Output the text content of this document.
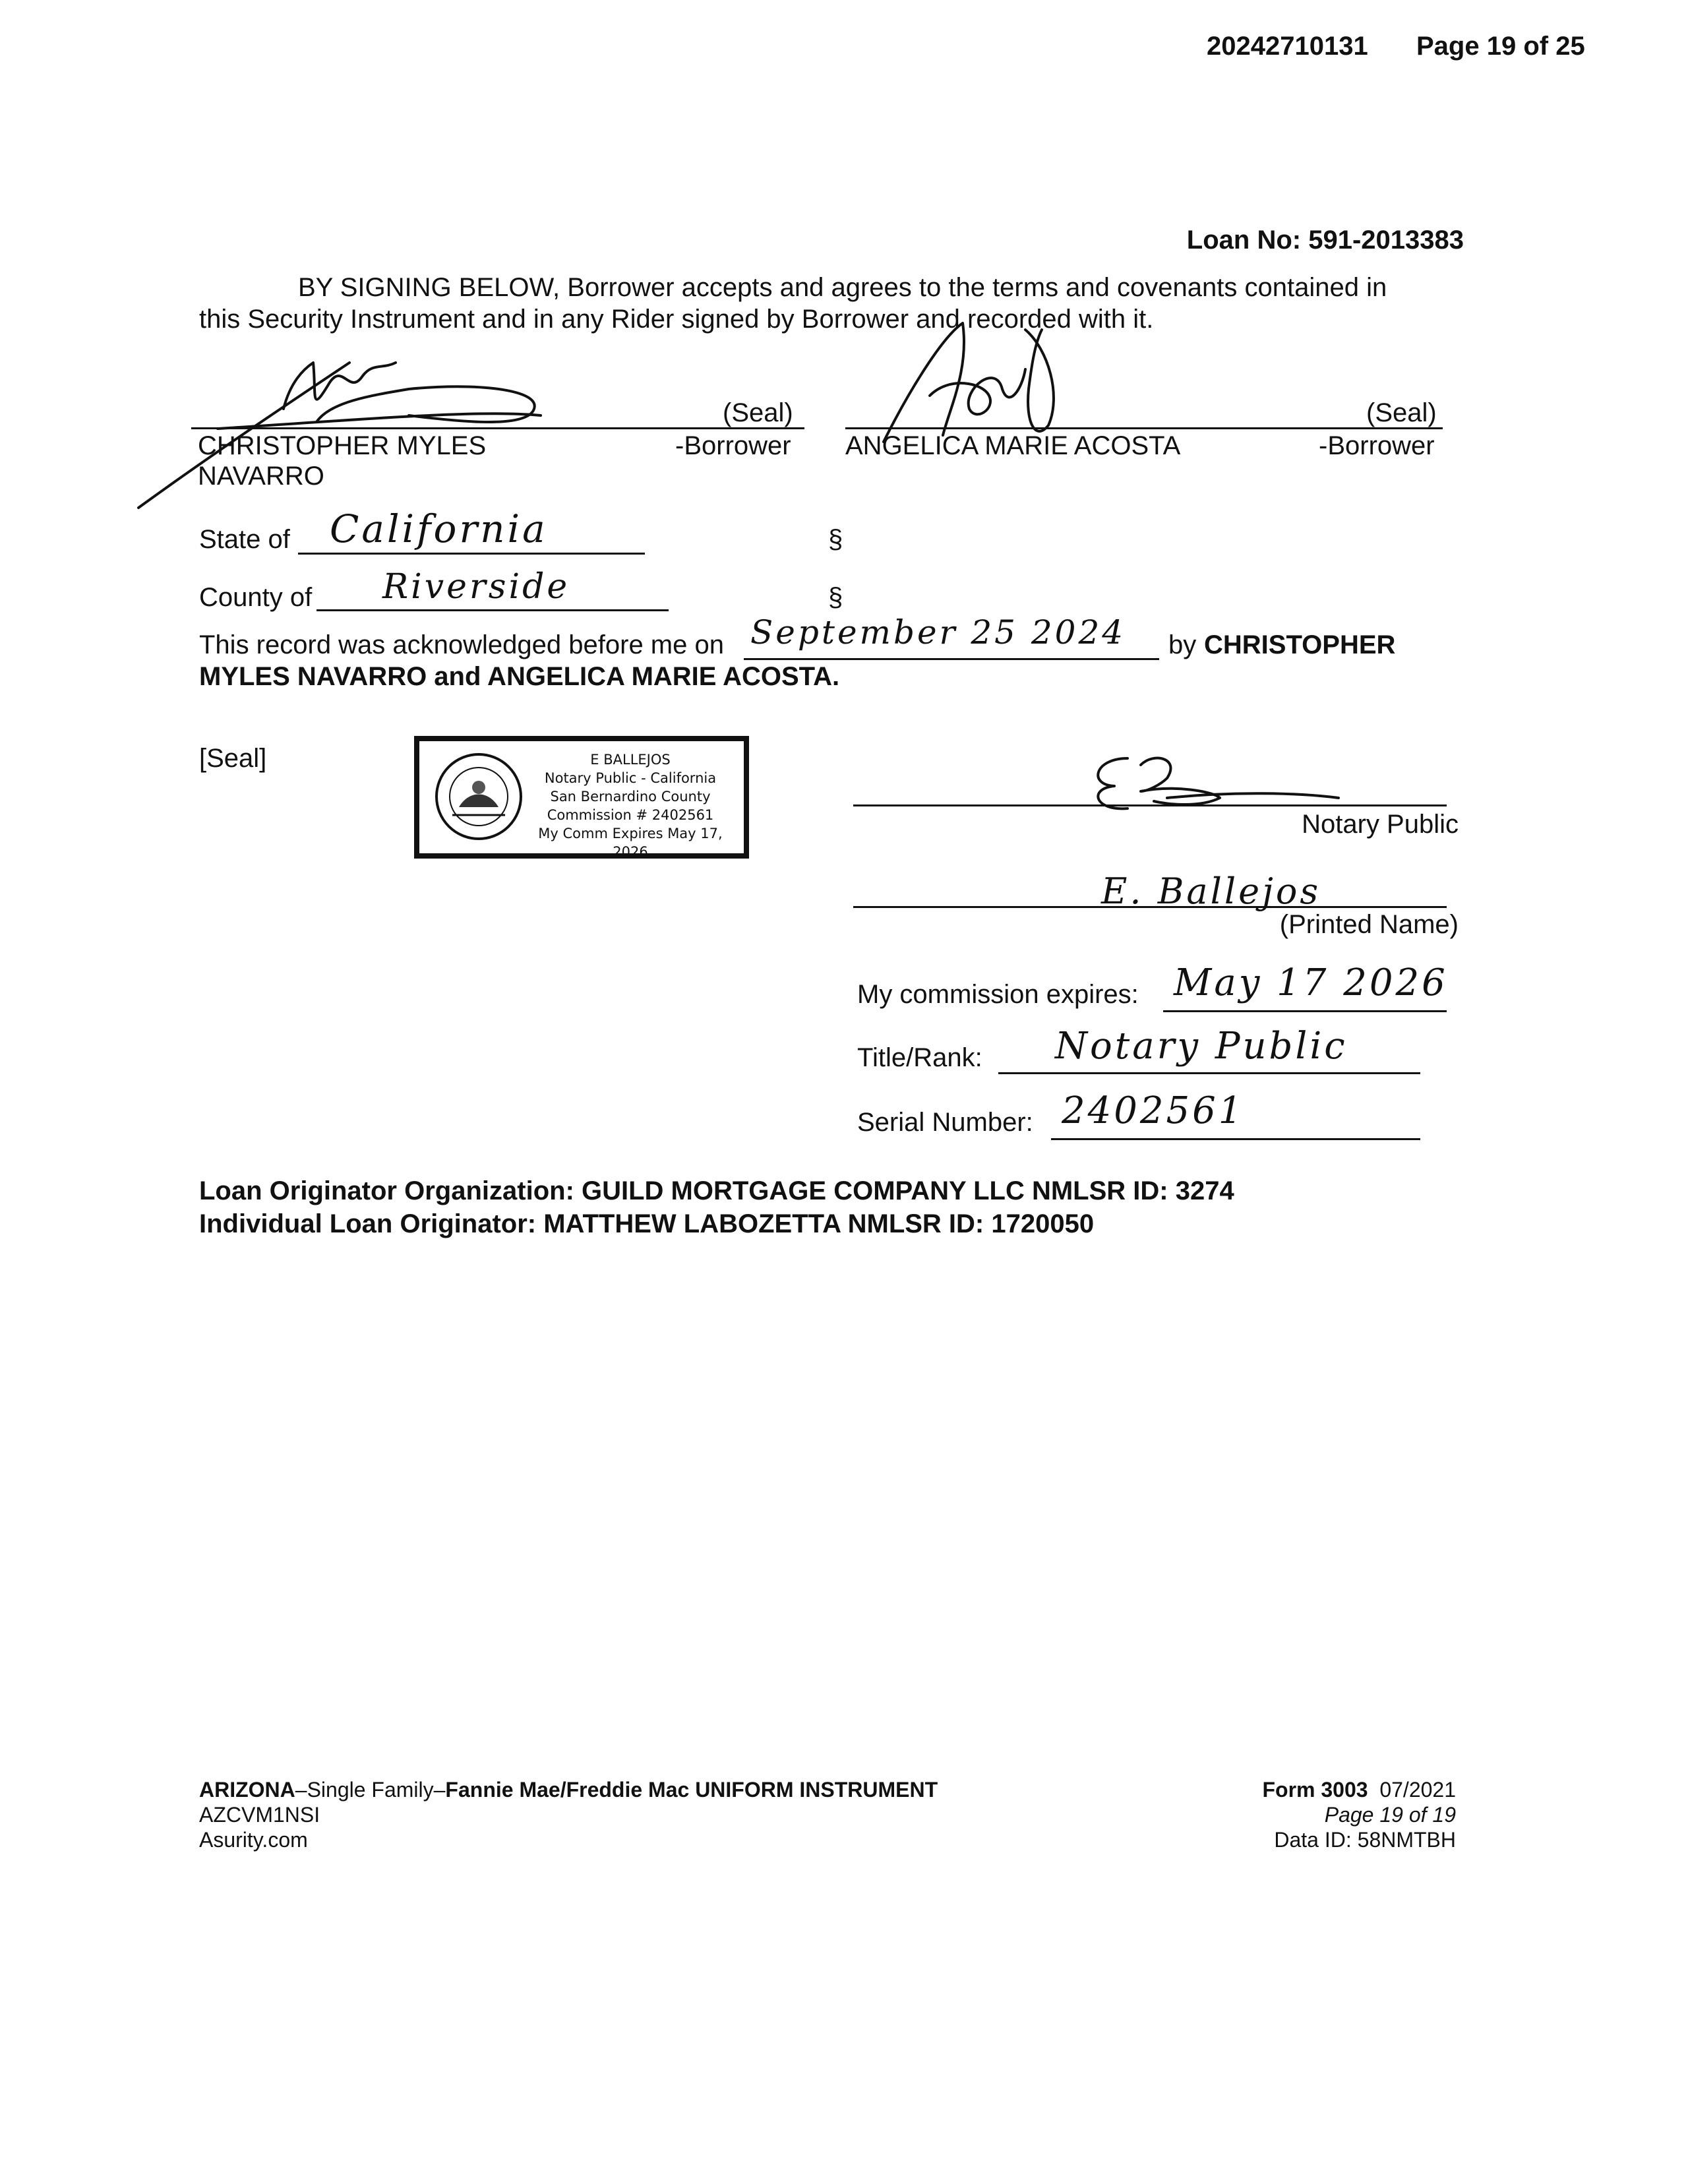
20242710131 Page 19 of 25
Loan No: 591-2013383
BY SIGNING BELOW, Borrower accepts and agrees to the terms and covenants contained in
this Security Instrument and in any Rider signed by Borrower and recorded with it.
(Seal)
CHRISTOPHER MYLES
NAVARRO
-Borrower
(Seal)
ANGELICA MARIE ACOSTA	-Borrower
State of California	§
County of Riverside	§
This record was acknowledged before me on September 25 2024 by CHRISTOPHER
MYLES NAVARRO and ANGELICA MARIE ACOSTA.
[Seal]	E BALLEJOS
Notary Public - California
San Bernardino County
Commission # 2402561
My Comm Expires May 17, 2026
Notary Public
E. Ballejos
(Printed Name)
My commission expires: May 17 2026
Title/Rank: Notary Public
Serial Number: 2402561
Loan Originator Organization: GUILD MORTGAGE COMPANY LLC NMLSR ID: 3274
Individual Loan Originator: MATTHEW LABOZETTA NMLSR ID: 1720050
ARIZONA–Single Family–Fannie Mae/Freddie Mac UNIFORM INSTRUMENT
AZCVM1NSI
Asurity.com
Form 3003  07/2021
Page 19 of 19
Data ID: 58NMTBH
